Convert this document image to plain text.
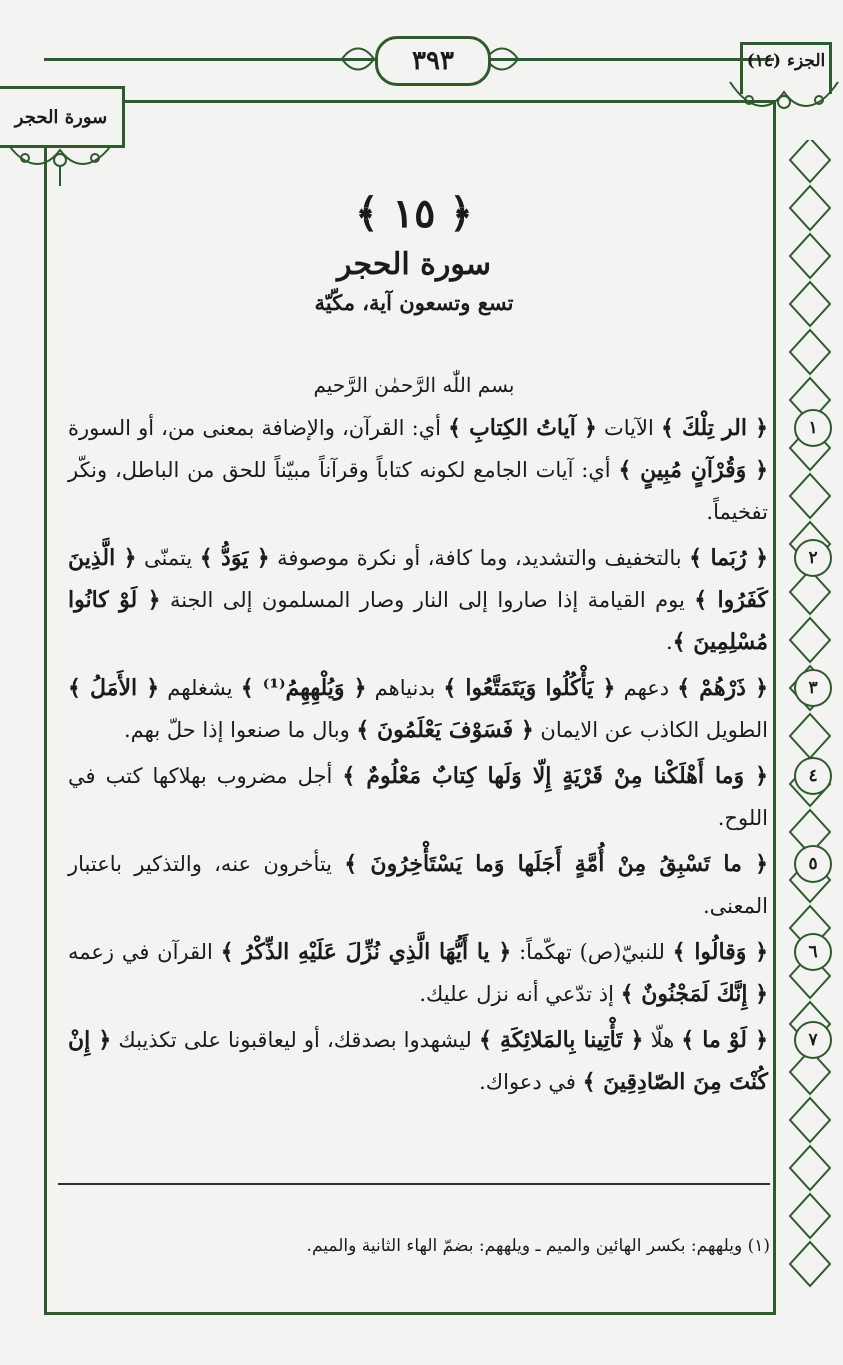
٣٩٣	الجزء (١٤)
سورة الحجر
﴿ ١٥ ﴾
سورة الحجر
تسع وتسعون آية، مكّيّة
بسم اللّٰه الرَّحمٰن الرَّحيم
١
﴿ الر تِلْكَ ﴾ الآيات ﴿ آياتُ الكِتابِ ﴾ أي: القرآن، والإضافة بمعنى من، أو السورة ﴿ وَقُرْآنٍ مُبِينٍ ﴾ أي: آيات الجامع لكونه كتاباً وقرآناً مبيّناً للحق من الباطل، ونكّر تفخيماً.
٢
﴿ رُبَما ﴾ بالتخفيف والتشديد، وما كافة، أو نكرة موصوفة ﴿ يَوَدُّ ﴾ يتمنّى ﴿ الَّذِينَ كَفَرُوا ﴾ يوم القيامة إذا صاروا إلى النار وصار المسلمون إلى الجنة ﴿ لَوْ كانُوا مُسْلِمِينَ ﴾.
٣
﴿ ذَرْهُمْ ﴾ دعهم ﴿ يَأْكُلُوا وَيَتَمَتَّعُوا ﴾ بدنياهم ﴿ وَيُلْهِهِمُ⁽¹⁾ ﴾ يشغلهم ﴿ الأَمَلُ ﴾ الطويل الكاذب عن الايمان ﴿ فَسَوْفَ يَعْلَمُونَ ﴾ وبال ما صنعوا إذا حلّ بهم.
٤
﴿ وَما أَهْلَكْنا مِنْ قَرْيَةٍ إِلّا وَلَها كِتابٌ مَعْلُومٌ ﴾ أجل مضروب بهلاكها كتب في اللوح.
٥
﴿ ما تَسْبِقُ مِنْ أُمَّةٍ أَجَلَها وَما يَسْتَأْخِرُونَ ﴾ يتأخرون عنه، والتذكير باعتبار المعنى.
٦
﴿ وَقالُوا ﴾ للنبيّ(ص) تهكّماً: ﴿ يا أَيُّهَا الَّذِي نُزِّلَ عَلَيْهِ الذِّكْرُ ﴾ القرآن في زعمه ﴿ إِنَّكَ لَمَجْنُونٌ ﴾ إذ تدّعي أنه نزل عليك.
٧
﴿ لَوْ ما ﴾ هلّا ﴿ تَأْتِينا بِالمَلائِكَةِ ﴾ ليشهدوا بصدقك، أو ليعاقبونا على تكذيبك ﴿ إِنْ كُنْتَ مِنَ الصّادِقِينَ ﴾ في دعواك.
(١) ويلههم: بكسر الهائين والميم ـ ويلههم: بضمّ الهاء الثانية والميم.
